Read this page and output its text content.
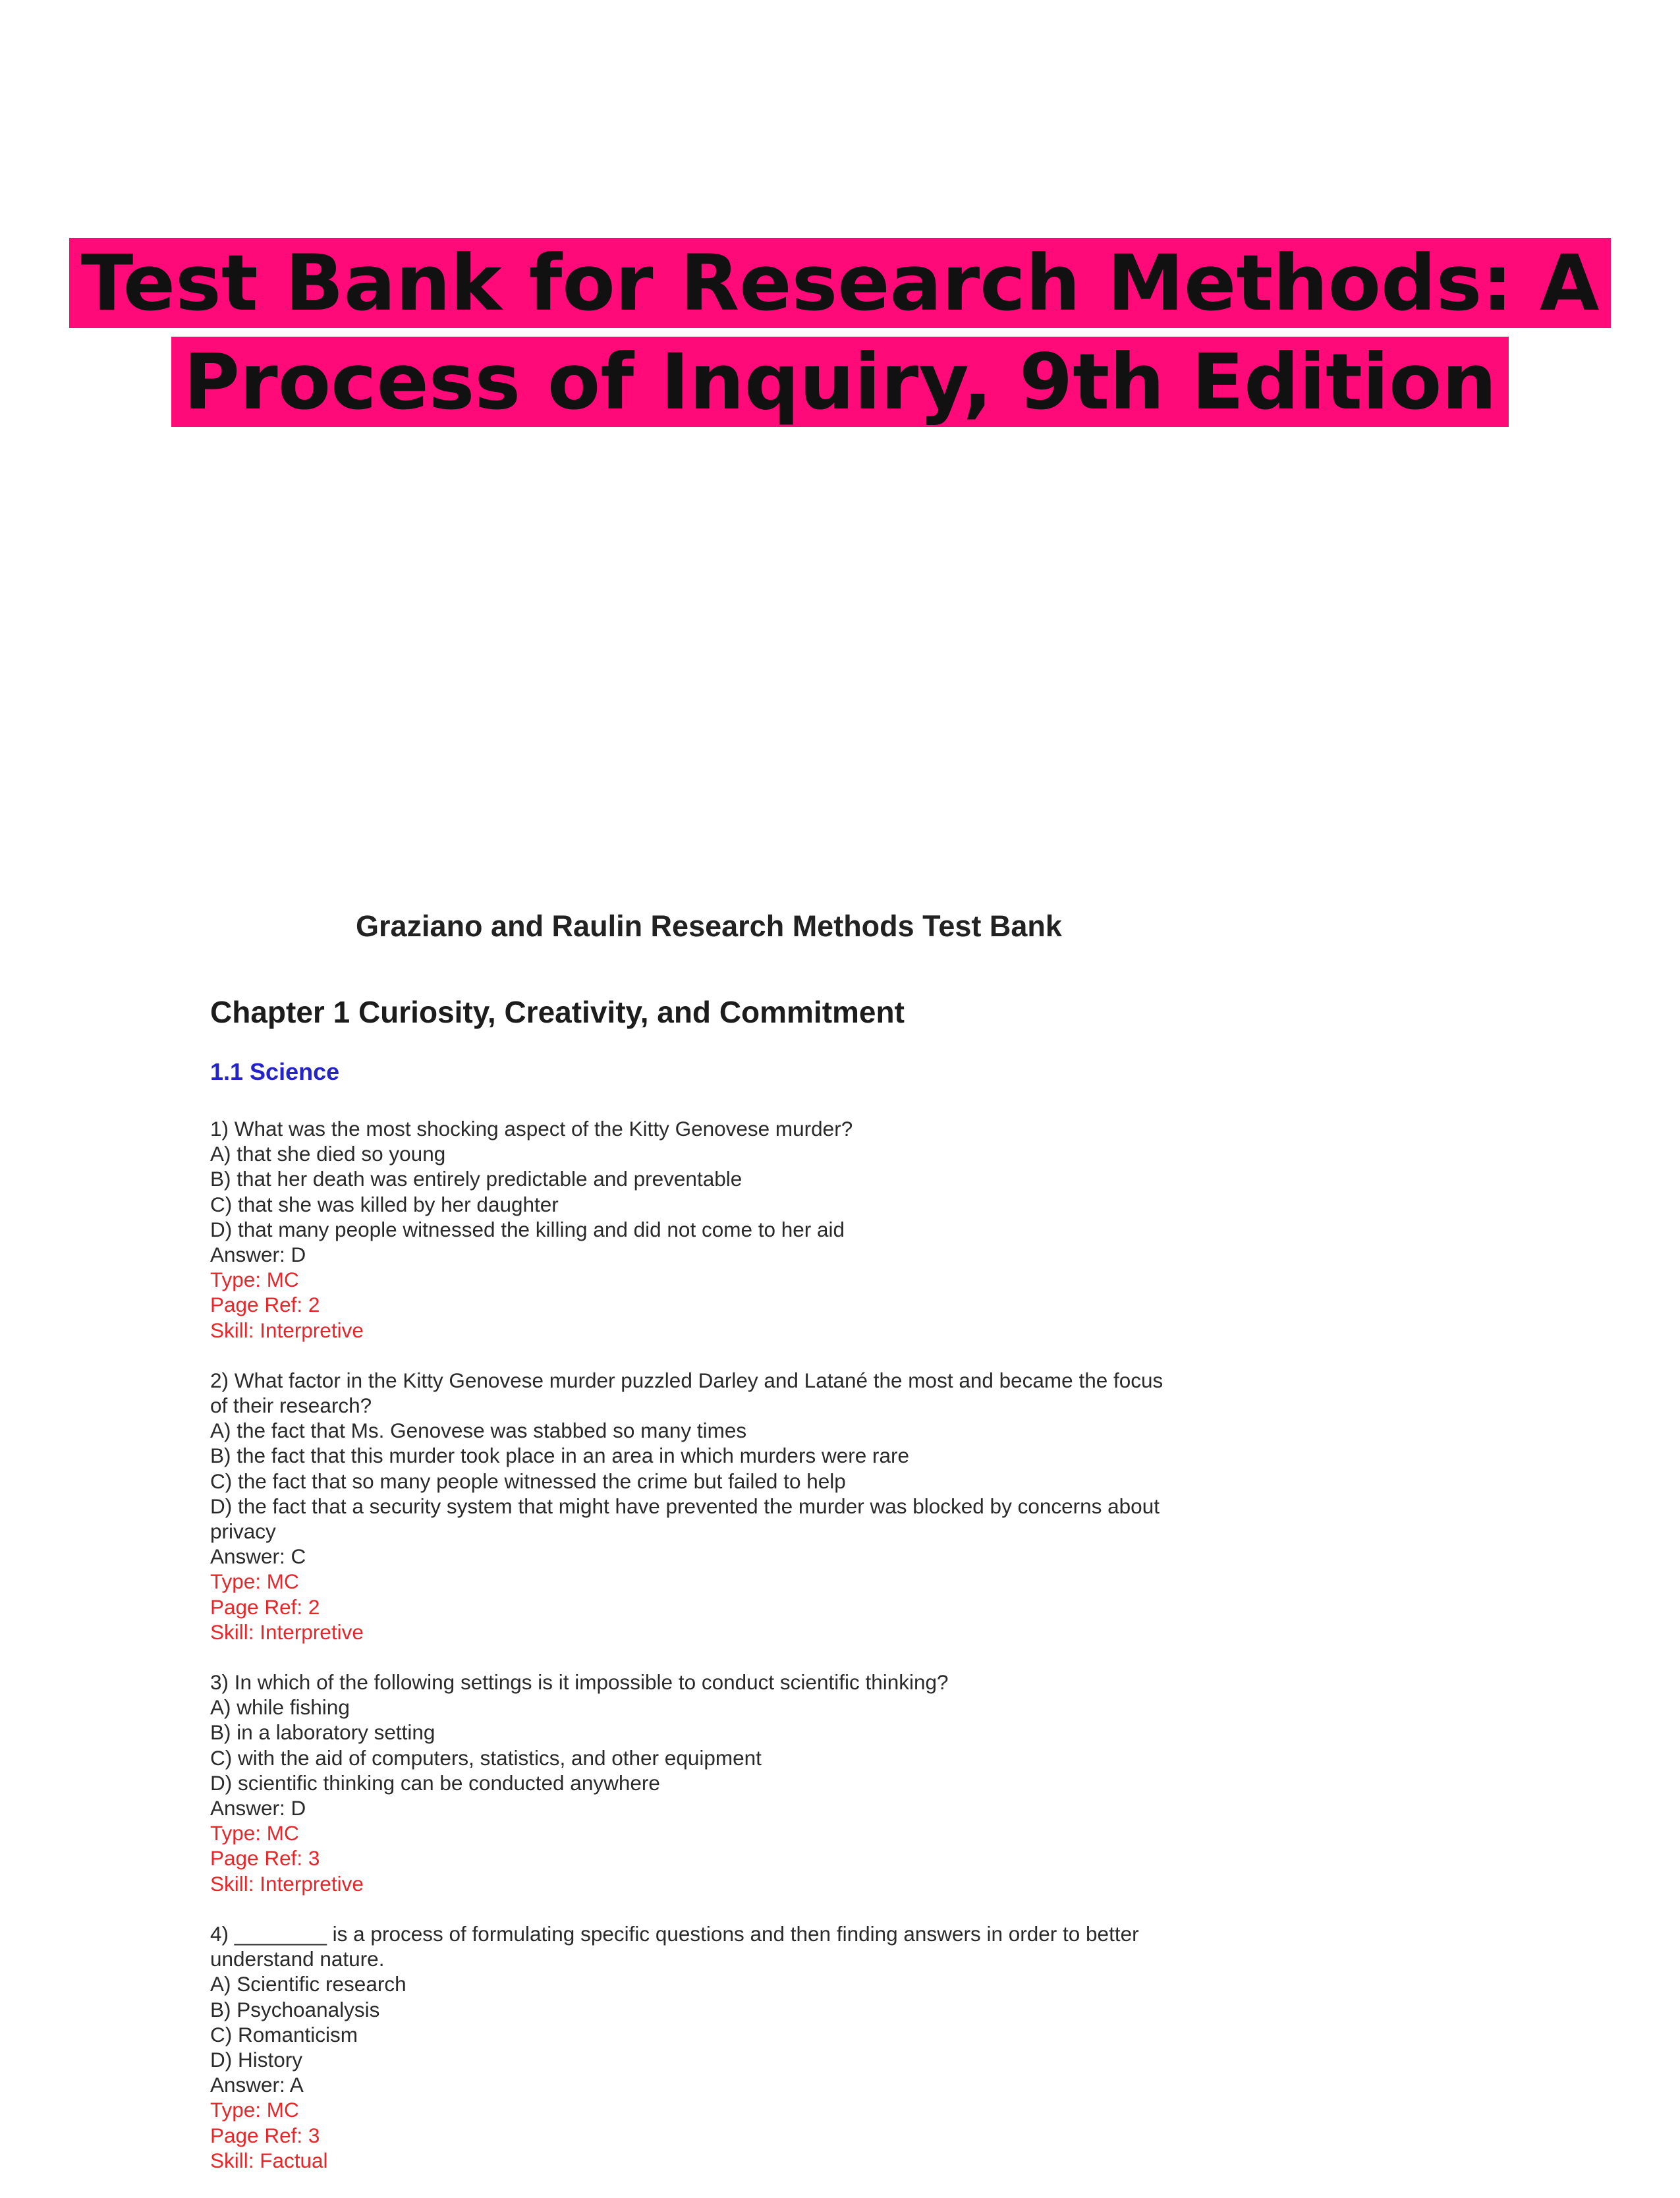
Test Bank for Research Methods: A
Process of Inquiry, 9th Edition
Graziano and Raulin Research Methods Test Bank
Chapter 1 Curiosity, Creativity, and Commitment
1.1 Science
1) What was the most shocking aspect of the Kitty Genovese murder?
A) that she died so young
B) that her death was entirely predictable and preventable
C) that she was killed by her daughter
D) that many people witnessed the killing and did not come to her aid
Answer: D
Type: MC
Page Ref: 2
Skill: Interpretive
2) What factor in the Kitty Genovese murder puzzled Darley and Latané the most and became the focus
of their research?
A) the fact that Ms. Genovese was stabbed so many times
B) the fact that this murder took place in an area in which murders were rare
C) the fact that so many people witnessed the crime but failed to help
D) the fact that a security system that might have prevented the murder was blocked by concerns about
privacy
Answer: C
Type: MC
Page Ref: 2
Skill: Interpretive
3) In which of the following settings is it impossible to conduct scientific thinking?
A) while fishing
B) in a laboratory setting
C) with the aid of computers, statistics, and other equipment
D) scientific thinking can be conducted anywhere
Answer: D
Type: MC
Page Ref: 3
Skill: Interpretive
4) ________ is a process of formulating specific questions and then finding answers in order to better
understand nature.
A) Scientific research
B) Psychoanalysis
C) Romanticism
D) History
Answer: A
Type: MC
Page Ref: 3
Skill: Factual
